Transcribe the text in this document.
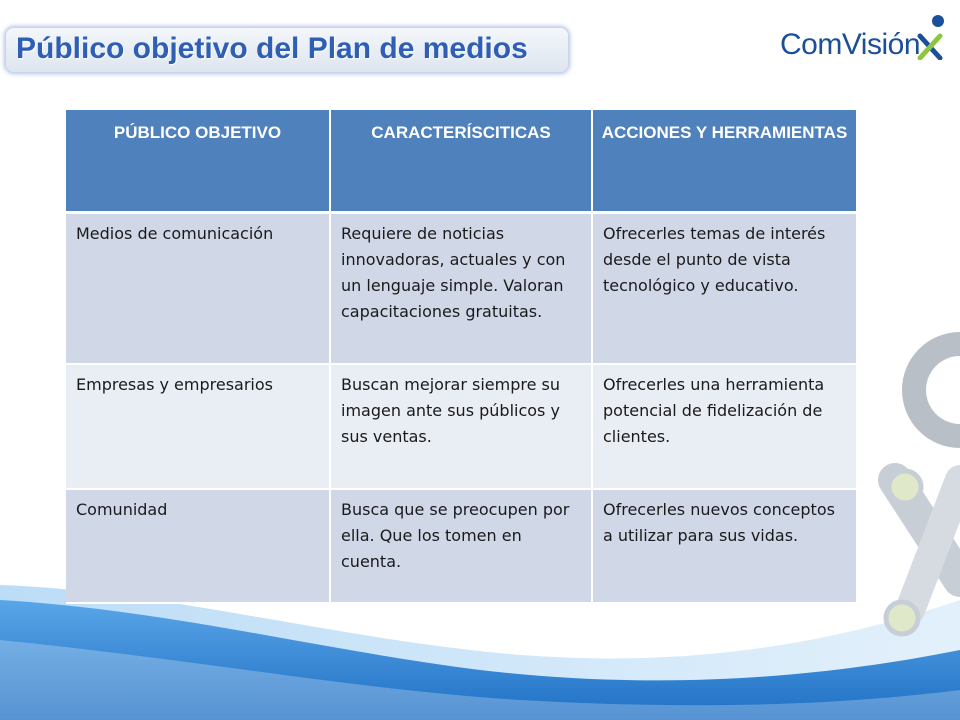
Público objetivo del Plan de medios	ComVisión
PÚBLICO OBJETIVO	CARACTERÍSCITICAS	ACCIONES Y HERRAMIENTAS
Medios de comunicación	Requiere de noticias innovadoras, actuales y con un lenguaje simple. Valoran capacitaciones gratuitas.	Ofrecerles temas de interés desde el punto de vista tecnológico y educativo.
Empresas y empresarios	Buscan mejorar siempre su imagen ante sus públicos y sus ventas.	Ofrecerles una herramienta potencial de fidelización de clientes.
Comunidad	Busca que se preocupen por ella. Que los tomen en cuenta.	Ofrecerles nuevos conceptos a utilizar para sus vidas.
